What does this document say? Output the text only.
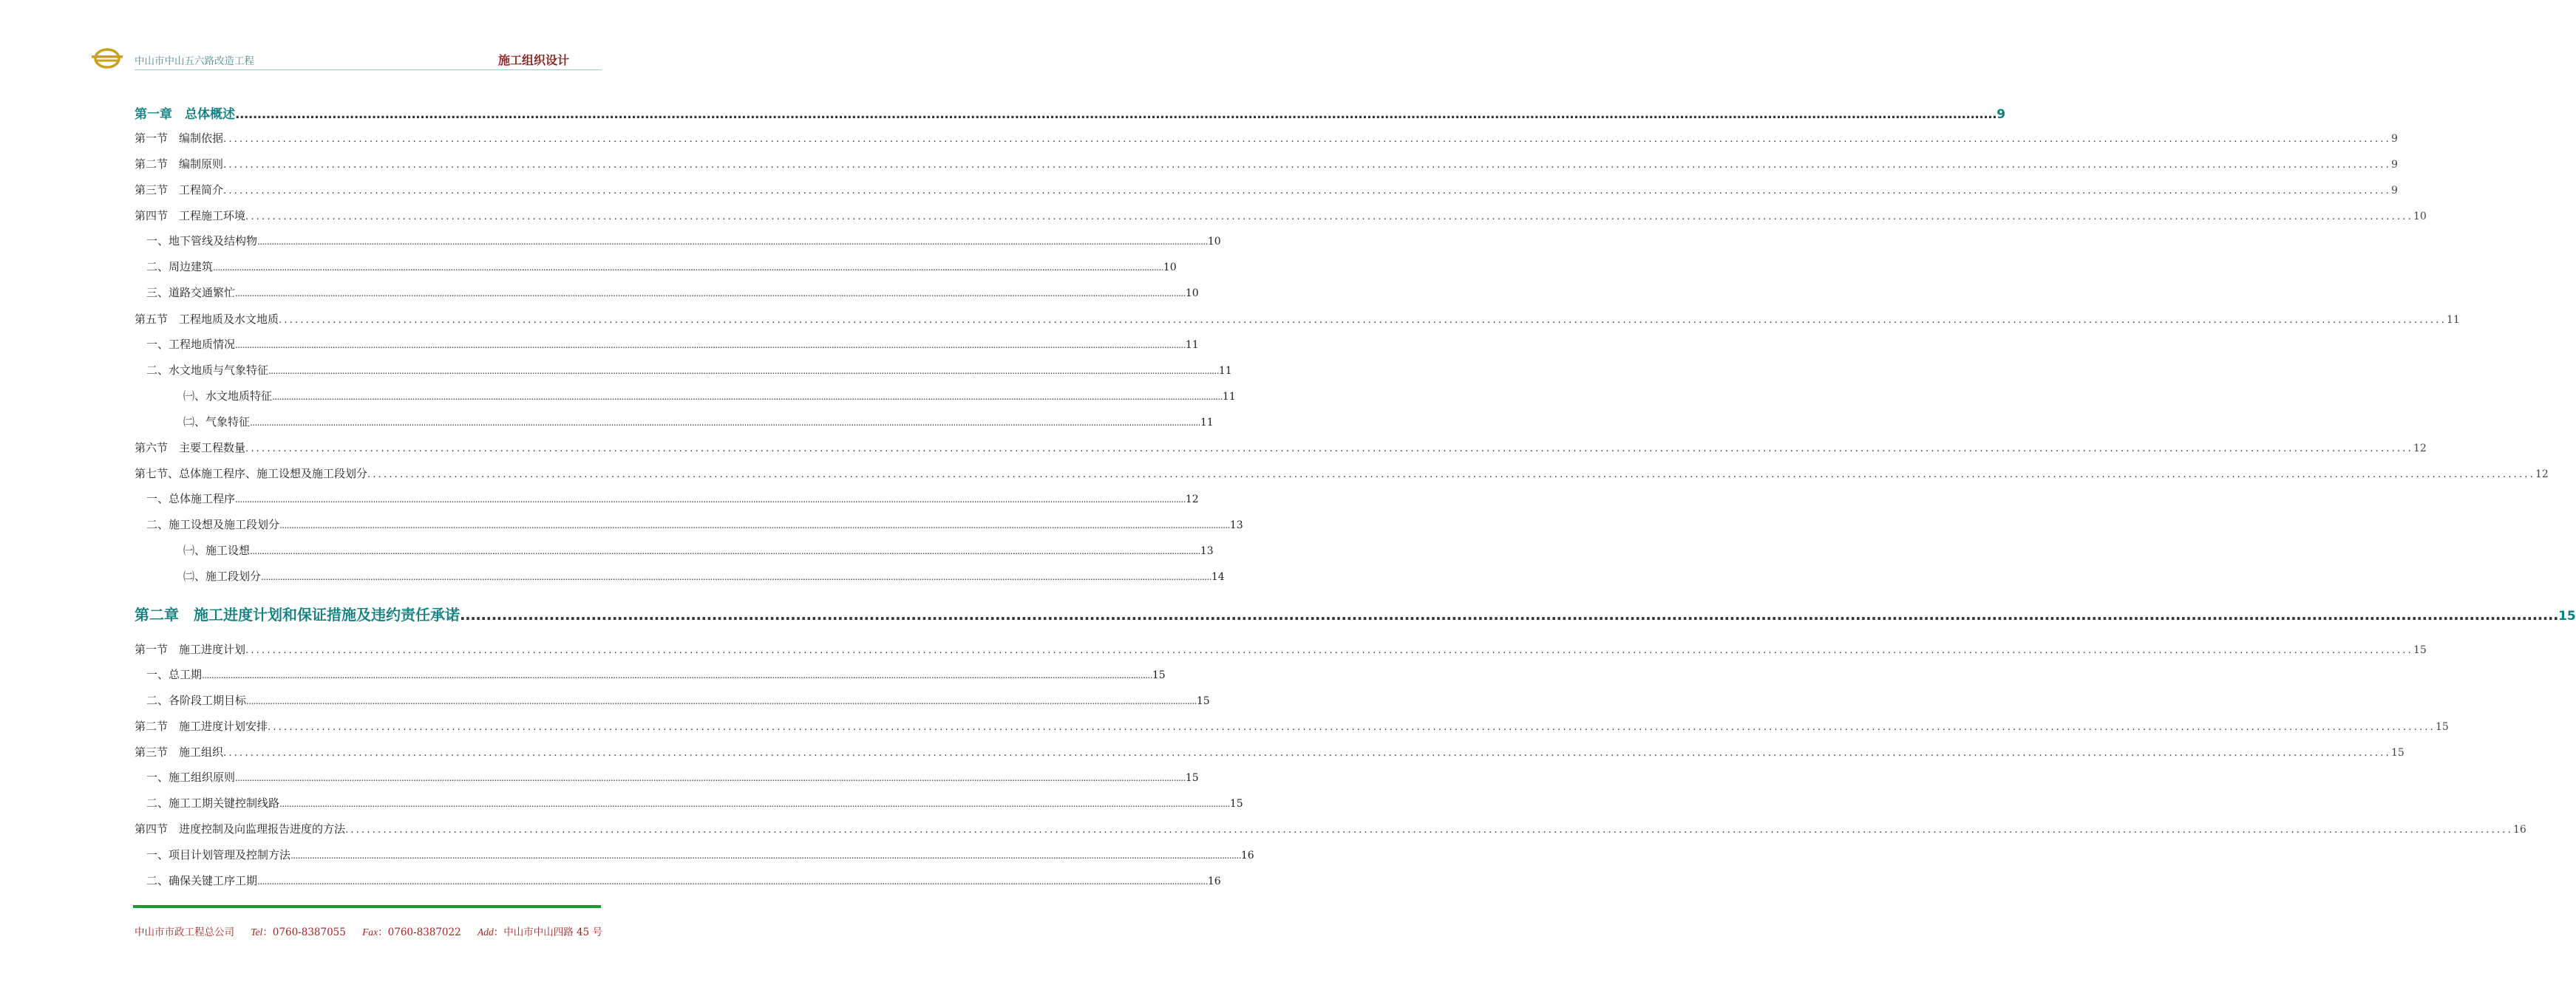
中山市中山五六路改造工程	施工组织设计
第一章　总体概述 ................................................................................................................................................................................................................................................................................................................................................................................................................ 9
第一节　编制依据 ................................................................................................................................................................................................................................................................................................................................................................................................................ 9
第二节　编制原则 ................................................................................................................................................................................................................................................................................................................................................................................................................ 9
第三节　工程简介 ................................................................................................................................................................................................................................................................................................................................................................................................................ 9
第四节　工程施工环境 ................................................................................................................................................................................................................................................................................................................................................................................................................ 10
一、地下管线及结构物 ................................................................................................................................................................................................................................................................................................................................................................................................................ 10
二、周边建筑 ................................................................................................................................................................................................................................................................................................................................................................................................................ 10
三、道路交通繁忙 ................................................................................................................................................................................................................................................................................................................................................................................................................ 10
第五节　工程地质及水文地质 ................................................................................................................................................................................................................................................................................................................................................................................................................ 11
一、工程地质情况 ................................................................................................................................................................................................................................................................................................................................................................................................................ 11
二、水文地质与气象特征 ................................................................................................................................................................................................................................................................................................................................................................................................................ 11
㈠、水文地质特征 ................................................................................................................................................................................................................................................................................................................................................................................................................ 11
㈡、气象特征 ................................................................................................................................................................................................................................................................................................................................................................................................................ 11
第六节　主要工程数量 ................................................................................................................................................................................................................................................................................................................................................................................................................ 12
第七节、总体施工程序、施工设想及施工段划分 ................................................................................................................................................................................................................................................................................................................................................................................................................ 12
一、总体施工程序 ................................................................................................................................................................................................................................................................................................................................................................................................................ 12
二、施工设想及施工段划分 ................................................................................................................................................................................................................................................................................................................................................................................................................ 13
㈠、施工设想 ................................................................................................................................................................................................................................................................................................................................................................................................................ 13
㈡、施工段划分 ................................................................................................................................................................................................................................................................................................................................................................................................................ 14
第二章　施工进度计划和保证措施及违约责任承诺 ................................................................................................................................................................................................................................................................................................................................................................................................................ 15
第一节　施工进度计划 ................................................................................................................................................................................................................................................................................................................................................................................................................ 15
一、总工期 ................................................................................................................................................................................................................................................................................................................................................................................................................ 15
二、各阶段工期目标 ................................................................................................................................................................................................................................................................................................................................................................................................................ 15
第二节　施工进度计划安排 ................................................................................................................................................................................................................................................................................................................................................................................................................ 15
第三节　施工组织 ................................................................................................................................................................................................................................................................................................................................................................................................................ 15
一、施工组织原则 ................................................................................................................................................................................................................................................................................................................................................................................................................ 15
二、施工工期关键控制线路 ................................................................................................................................................................................................................................................................................................................................................................................................................ 15
第四节　进度控制及向监理报告进度的方法 ................................................................................................................................................................................................................................................................................................................................................................................................................ 16
一、项目计划管理及控制方法 ................................................................................................................................................................................................................................................................................................................................................................................................................ 16
二、确保关键工序工期 ................................................................................................................................................................................................................................................................................................................................................................................................................ 16
中山市市政工程总公司 Tel：0760-8387055 Fax：0760-8387022 Add：中山市中山四路 45 号
